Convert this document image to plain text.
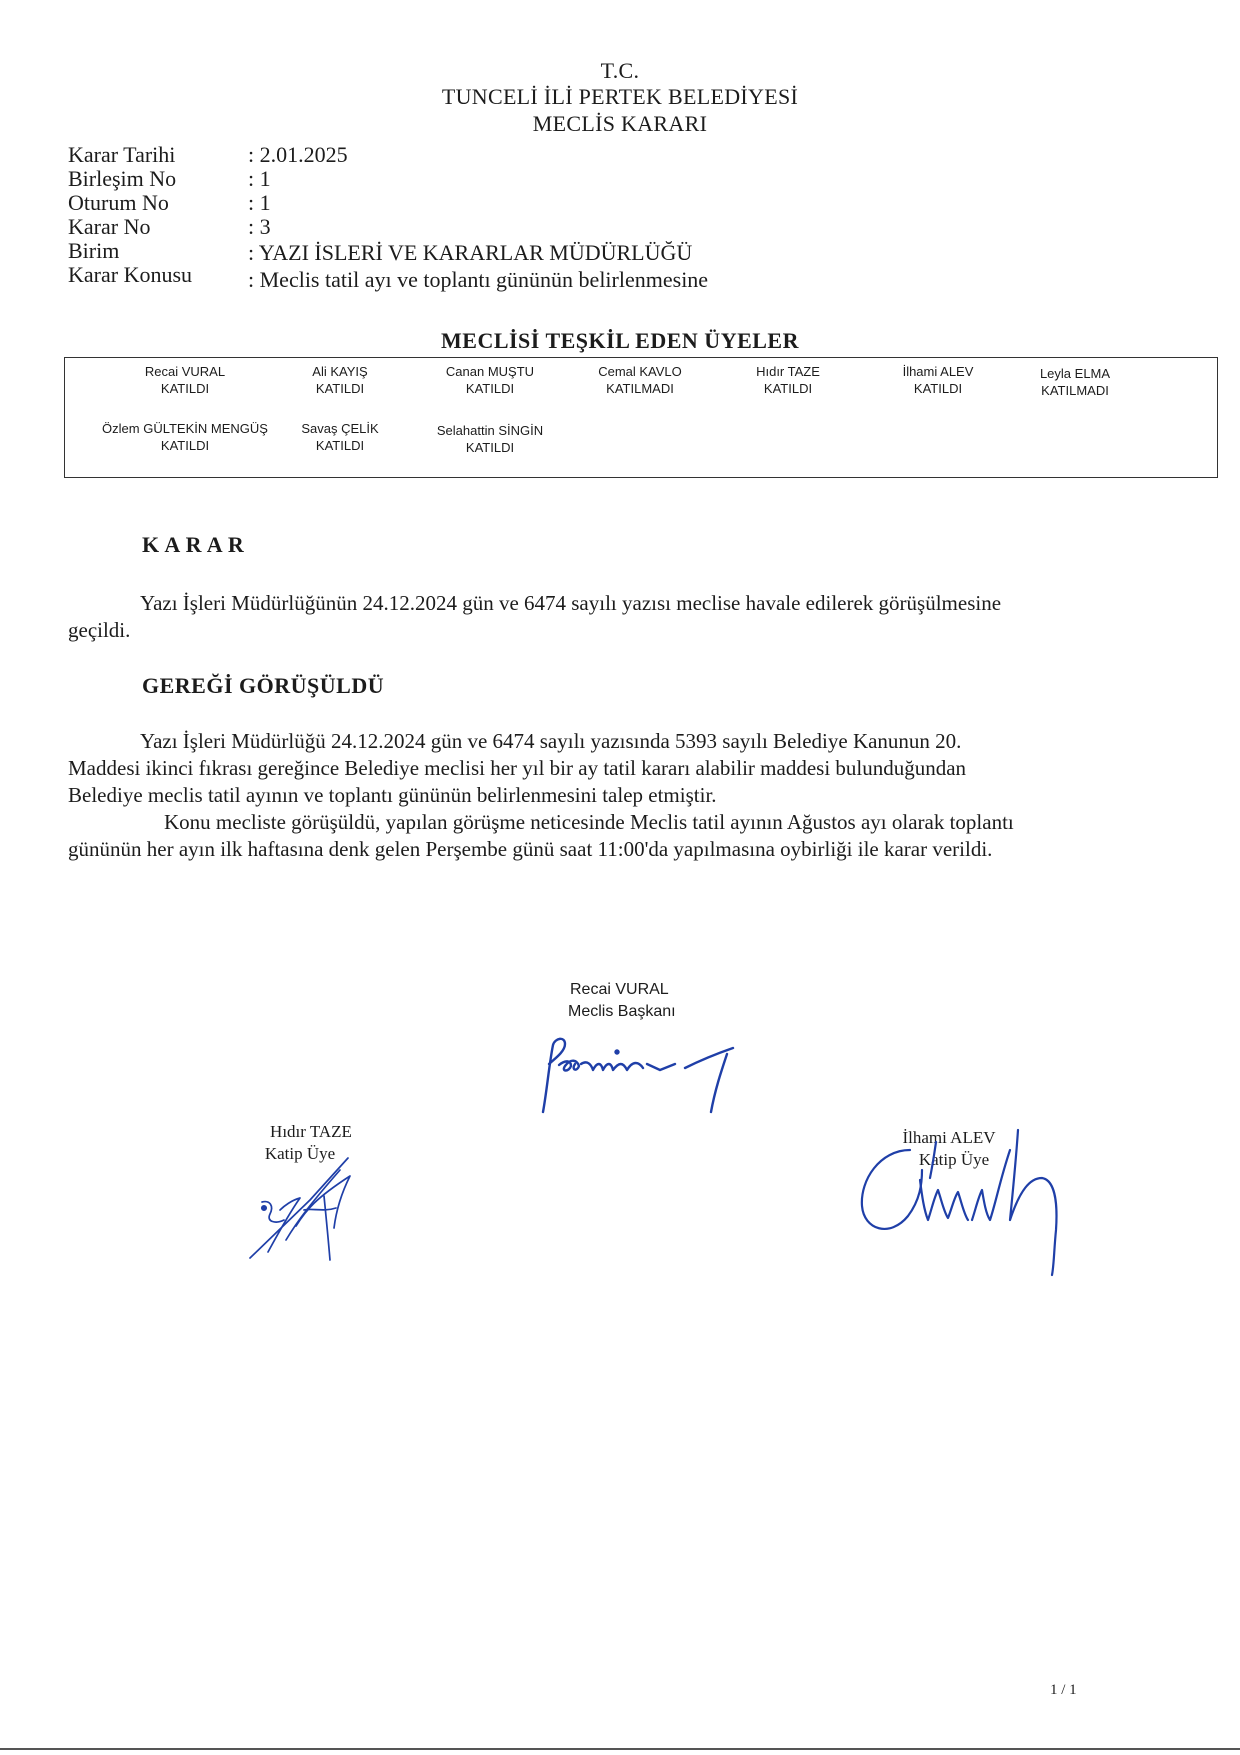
T.C.
TUNCELİ İLİ PERTEK BELEDİYESİ
MECLİS KARARI
Karar Tarihi	: 2.01.2025
Birleşim No	: 1
Oturum No	: 1
Karar No	: 3
Birim	: YAZI İSLERİ VE KARARLAR MÜDÜRLÜĞÜ
Karar Konusu	: Meclis tatil ayı ve toplantı gününün belirlenmesine
MECLİSİ TEŞKİL EDEN ÜYELER
Recai VURAL
KATILDI
Ali KAYIŞ
KATILDI
Canan MUŞTU
KATILDI
Cemal KAVLO
KATILMADI
Hıdır TAZE
KATILDI
İlhami ALEV
KATILDI
Leyla ELMA
KATILMADI
Özlem GÜLTEKİN MENGÜŞ
KATILDI
Savaş ÇELİK
KATILDI
Selahattin SİNGİN
KATILDI
K A R A R
Yazı İşleri Müdürlüğünün 24.12.2024 gün ve 6474 sayılı yazısı meclise havale edilerek görüşülmesine
geçildi.
GEREĞİ GÖRÜŞÜLDÜ
Yazı İşleri Müdürlüğü 24.12.2024 gün ve 6474 sayılı yazısında 5393 sayılı Belediye Kanunun 20.
Maddesi ikinci fıkrası gereğince Belediye meclisi her yıl bir ay tatil kararı alabilir maddesi bulunduğundan
Belediye meclis tatil ayının ve toplantı gününün belirlenmesini talep etmiştir.
Konu mecliste görüşüldü, yapılan görüşme neticesinde Meclis tatil ayının Ağustos ayı olarak toplantı
gününün her ayın ilk haftasına denk gelen Perşembe günü saat 11:00'da yapılmasına oybirliği ile karar verildi.
Recai VURAL
Meclis Başkanı
Hıdır TAZE
Katip Üye
İlhami ALEV
Katip Üye
1 / 1
